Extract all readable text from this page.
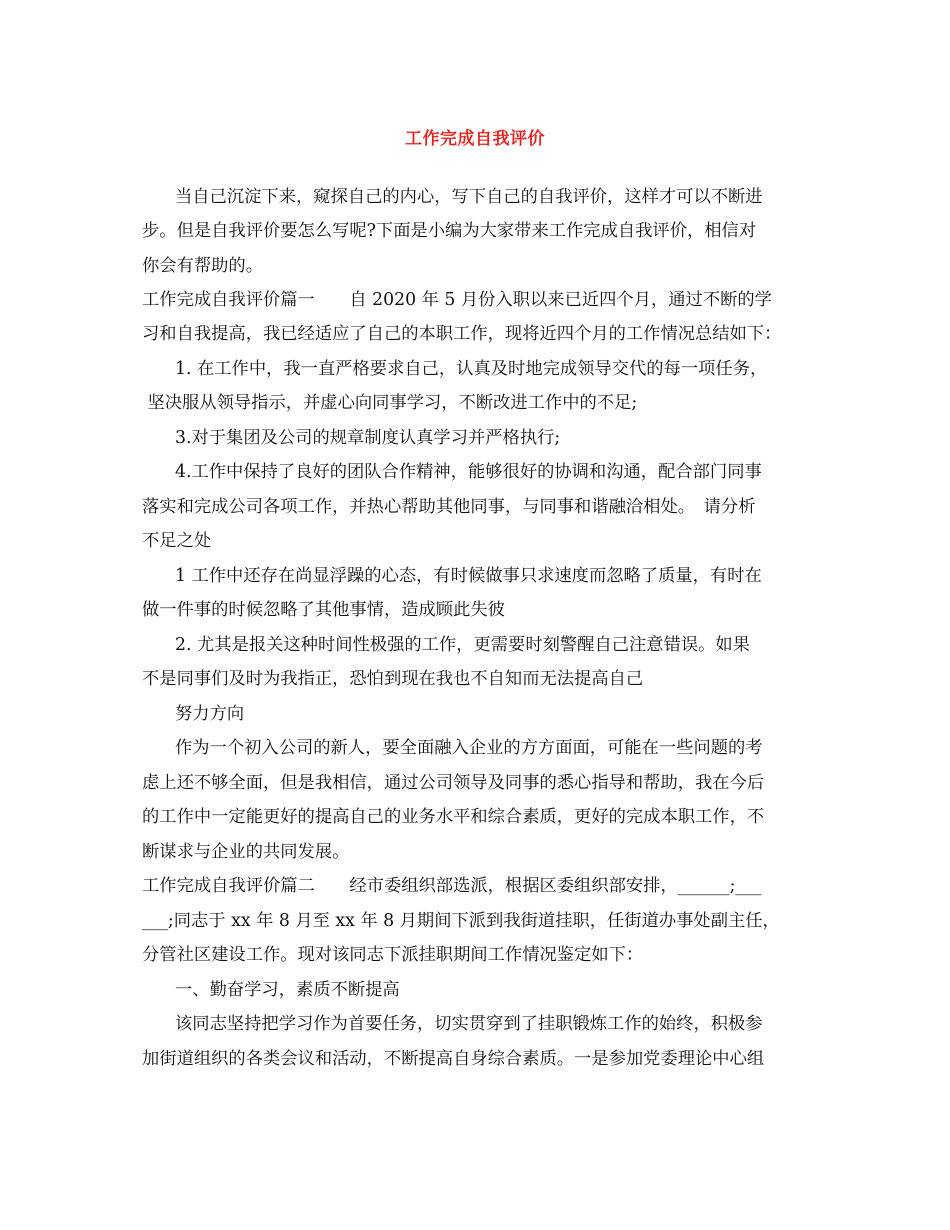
工作完成自我评价
当自己沉淀下来，窥探自己的内心，写下自己的自我评价，这样才可以不断进
步。但是自我评价要怎么写呢?下面是小编为大家带来工作完成自我评价，相信对
你会有帮助的。
工作完成自我评价篇一　　自 2020 年 5 月份入职以来已近四个月，通过不断的学
习和自我提高，我已经适应了自己的本职工作，现将近四个月的工作情况总结如下：
1. 在工作中，我一直严格要求自己，认真及时地完成领导交代的每一项任务，
坚决服从领导指示，并虚心向同事学习，不断改进工作中的不足;
3.对于集团及公司的规章制度认真学习并严格执行;
4.工作中保持了良好的团队合作精神，能够很好的协调和沟通，配合部门同事
落实和完成公司各项工作，并热心帮助其他同事，与同事和谐融洽相处。　请分析
不足之处
1 工作中还存在尚显浮躁的心态，有时候做事只求速度而忽略了质量，有时在
做一件事的时候忽略了其他事情，造成顾此失彼
2. 尤其是报关这种时间性极强的工作，更需要时刻警醒自己注意错误。如果
不是同事们及时为我指正，恐怕到现在我也不自知而无法提高自己
努力方向
作为一个初入公司的新人，要全面融入企业的方方面面，可能在一些问题的考
虑上还不够全面，但是我相信，通过公司领导及同事的悉心指导和帮助，我在今后
的工作中一定能更好的提高自己的业务水平和综合素质，更好的完成本职工作，不
断谋求与企业的共同发展。
工作完成自我评价篇二　　经市委组织部选派，根据区委组织部安排，______;___
___;同志于 xx 年 8 月至 xx 年 8 月期间下派到我街道挂职，任街道办事处副主任，
分管社区建设工作。现对该同志下派挂职期间工作情况鉴定如下：
一、勤奋学习，素质不断提高
该同志坚持把学习作为首要任务，切实贯穿到了挂职锻炼工作的始终，积极参
加街道组织的各类会议和活动，不断提高自身综合素质。一是参加党委理论中心组
